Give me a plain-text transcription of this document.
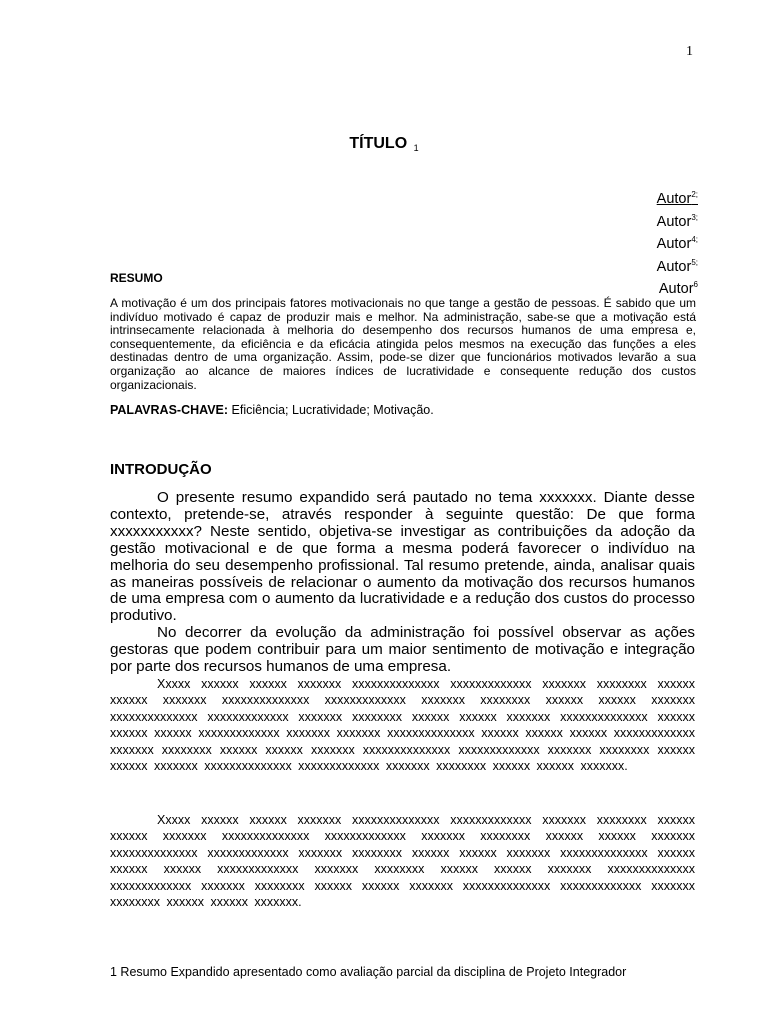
1
TÍTULO $^1$
Autor$^{2;}$
Autor$^{3;}$
Autor$^{4;}$
Autor$^{5;}$
Autor$^6$
RESUMO
A motivação é um dos principais fatores motivacionais no que tange a gestão de pessoas. É sabido que um indivíduo motivado é capaz de produzir mais e melhor. Na administração, sabe-se que a motivação está intrinsecamente relacionada à melhoria do desempenho dos recursos humanos de uma empresa e, consequentemente, da eficiência e da eficácia atingida pelos mesmos na execução das funções a eles destinadas dentro de uma organização. Assim, pode-se dizer que funcionários motivados levarão a sua organização ao alcance de maiores índices de lucratividade e consequente redução dos custos organizacionais.
PALAVRAS-CHAVE: Eficiência; Lucratividade; Motivação.
INTRODUÇÃO

O presente resumo expandido será pautado no tema xxxxxxx. Diante desse contexto, pretende-se, através responder à seguinte questão: De que forma xxxxxxxxxxx? Neste sentido, objetiva-se investigar as contribuições da adoção da gestão motivacional e de que forma a mesma poderá favorecer o indivíduo na melhoria do seu desempenho profissional. Tal resumo pretende, ainda, analisar quais as maneiras possíveis de relacionar o aumento da motivação dos recursos humanos de uma empresa com o aumento da lucratividade e a redução dos custos do processo produtivo.

No decorrer da evolução da administração foi possível observar as ações gestoras que podem contribuir para um maior sentimento de motivação e integração por parte dos recursos humanos de uma empresa.

Xxxxx xxxxxx xxxxxx xxxxxxx xxxxxxxxxxxxxx xxxxxxxxxxxxx xxxxxxx xxxxxxxx xxxxxx xxxxxx xxxxxxx xxxxxxxxxxxxxx xxxxxxxxxxxxx xxxxxxx xxxxxxxx xxxxxx xxxxxx xxxxxxx xxxxxxxxxxxxxx xxxxxxxxxxxxx xxxxxxx xxxxxxxx xxxxxx xxxxxx xxxxxxx xxxxxxxxxxxxxx xxxxxx xxxxxx xxxxxx xxxxxxxxxxxxx xxxxxxx xxxxxxx xxxxxxxxxxxxxx xxxxxx xxxxxx xxxxxx xxxxxxxxxxxxx xxxxxxx xxxxxxxx xxxxxx xxxxxx xxxxxxx xxxxxxxxxxxxxx xxxxxxxxxxxxx xxxxxxx xxxxxxxx xxxxxx xxxxxx xxxxxxx xxxxxxxxxxxxxx xxxxxxxxxxxxx xxxxxxx xxxxxxxx xxxxxx xxxxxx xxxxxxx.
Xxxxx xxxxxx xxxxxx xxxxxxx xxxxxxxxxxxxxx xxxxxxxxxxxxx xxxxxxx xxxxxxxx xxxxxx xxxxxx xxxxxxx xxxxxxxxxxxxxx xxxxxxxxxxxxx xxxxxxx xxxxxxxx xxxxxx xxxxxx xxxxxxx xxxxxxxxxxxxxx xxxxxxxxxxxxx xxxxxxx xxxxxxxx xxxxxx xxxxxx xxxxxxx xxxxxxxxxxxxxx xxxxxx xxxxxx xxxxxx xxxxxxxxxxxxx xxxxxxx xxxxxxxx xxxxxx xxxxxx xxxxxxx xxxxxxxxxxxxxx xxxxxxxxxxxxx xxxxxxx xxxxxxxx xxxxxx xxxxxx xxxxxxx xxxxxxxxxxxxxx xxxxxxxxxxxxx xxxxxxx xxxxxxxx xxxxxx xxxxxx xxxxxxx.
1 Resumo Expandido apresentado como avaliação parcial da disciplina de Projeto Integrador
